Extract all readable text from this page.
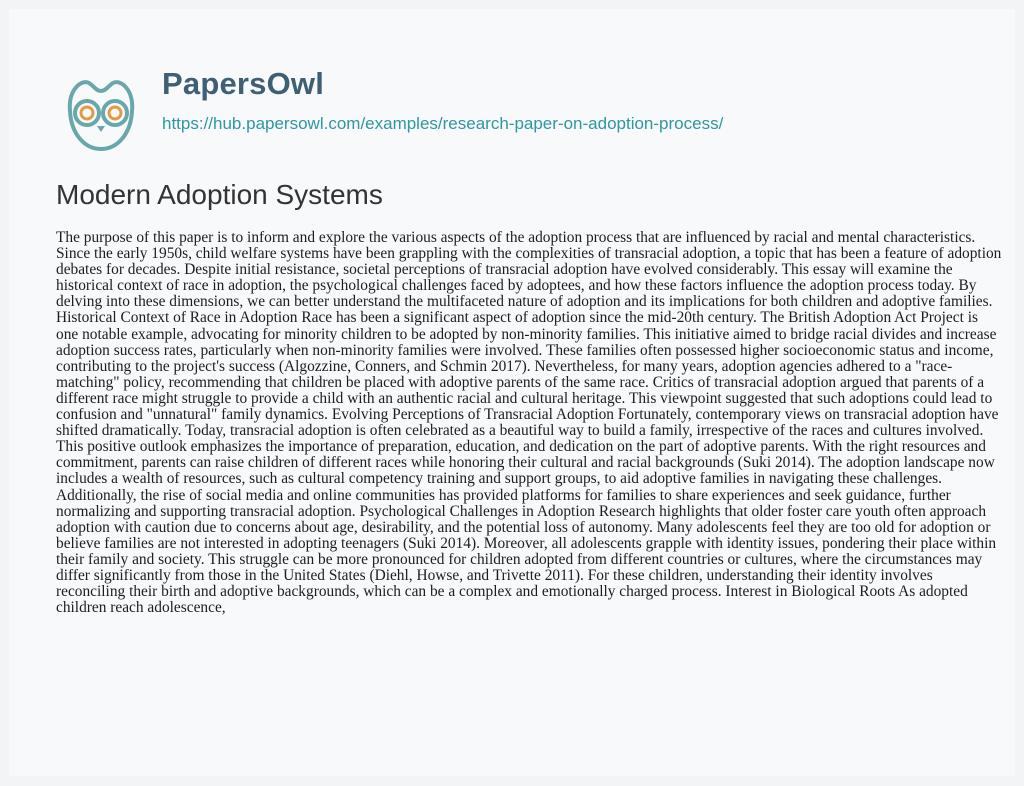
PapersOwl
https://hub.papersowl.com/examples/research-paper-on-adoption-process/
Modern Adoption Systems

The purpose of this paper is to inform and explore the various aspects of the adoption process that are influenced by racial and mental characteristics. Since the early 1950s, child welfare systems have been grappling with the complexities of transracial adoption, a topic that has been a feature of adoption debates for decades. Despite initial resistance, societal perceptions of transracial adoption have evolved considerably. This essay will examine the historical context of race in adoption, the psychological challenges faced by adoptees, and how these factors influence the adoption process today. By delving into these dimensions, we can better understand the multifaceted nature of adoption and its implications for both children and adoptive families. Historical Context of Race in Adoption Race has been a significant aspect of adoption since the mid-20th century. The British Adoption Act Project is one notable example, advocating for minority children to be adopted by non-minority families. This initiative aimed to bridge racial divides and increase adoption success rates, particularly when non-minority families were involved. These families often possessed higher socioeconomic status and income, contributing to the project's success (Algozzine, Conners, and Schmin 2017). Nevertheless, for many years, adoption agencies adhered to a "race-matching" policy, recommending that children be placed with adoptive parents of the same race. Critics of transracial adoption argued that parents of a different race might struggle to provide a child with an authentic racial and cultural heritage. This viewpoint suggested that such adoptions could lead to confusion and "unnatural" family dynamics. Evolving Perceptions of Transracial Adoption Fortunately, contemporary views on transracial adoption have shifted dramatically. Today, transracial adoption is often celebrated as a beautiful way to build a family, irrespective of the races and cultures involved. This positive outlook emphasizes the importance of preparation, education, and dedication on the part of adoptive parents. With the right resources and commitment, parents can raise children of different races while honoring their cultural and racial backgrounds (Suki 2014). The adoption landscape now includes a wealth of resources, such as cultural competency training and support groups, to aid adoptive families in navigating these challenges. Additionally, the rise of social media and online communities has provided platforms for families to share experiences and seek guidance, further normalizing and supporting transracial adoption. Psychological Challenges in Adoption Research highlights that older foster care youth often approach adoption with caution due to concerns about age, desirability, and the potential loss of autonomy. Many adolescents feel they are too old for adoption or believe families are not interested in adopting teenagers (Suki 2014). Moreover, all adolescents grapple with identity issues, pondering their place within their family and society. This struggle can be more pronounced for children adopted from different countries or cultures, where the circumstances may differ significantly from those in the United States (Diehl, Howse, and Trivette 2011). For these children, understanding their identity involves reconciling their birth and adoptive backgrounds, which can be a complex and emotionally charged process. Interest in Biological Roots As adopted children reach adolescence,
